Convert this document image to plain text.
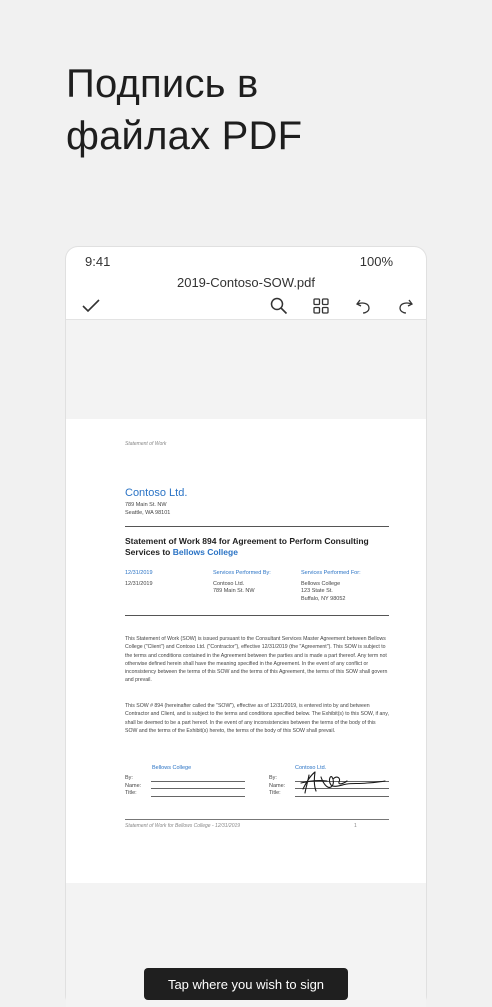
Подпись в
файлах PDF
9:41	100%
2019-Contoso-SOW.pdf
Statement of Work
Contoso Ltd.
789 Main St. NW
Seattle, WA 98101
Statement of Work 894 for Agreement to Perform Consulting Services to Bellows College
12/31/2019
12/31/2019
Services Performed By:
Contoso Ltd.
789 Main St. NW
Services Performed For:
Bellows College
123 State St.
Buffalo, NY 98052
This Statement of Work (SOW) is issued pursuant to the Consultant Services Master Agreement between Bellows College ("Client") and Contoso Ltd. ("Contractor"), effective 12/31/2019 (the "Agreement"). This SOW is subject to the terms and conditions contained in the Agreement between the parties and is made a part thereof. Any term not otherwise defined herein shall have the meaning specified in the Agreement. In the event of any conflict or inconsistency between the terms of this SOW and the terms of this Agreement, the terms of this SOW shall govern and prevail.
This SOW # 894 (hereinafter called the "SOW"), effective as of 12/31/2019, is entered into by and between Contractor and Client, and is subject to the terms and conditions specified below. The Exhibit(s) to this SOW, if any, shall be deemed to be a part hereof. In the event of any inconsistencies between the terms of the body of this SOW and the terms of the Exhibit(s) hereto, the terms of the body of this SOW shall prevail.
Bellows College
By:
Name:
Title:
Contoso Ltd.
By:
Name:
Title:
Statement of Work for Bellows College - 12/31/2019	1
Tap where you wish to sign
